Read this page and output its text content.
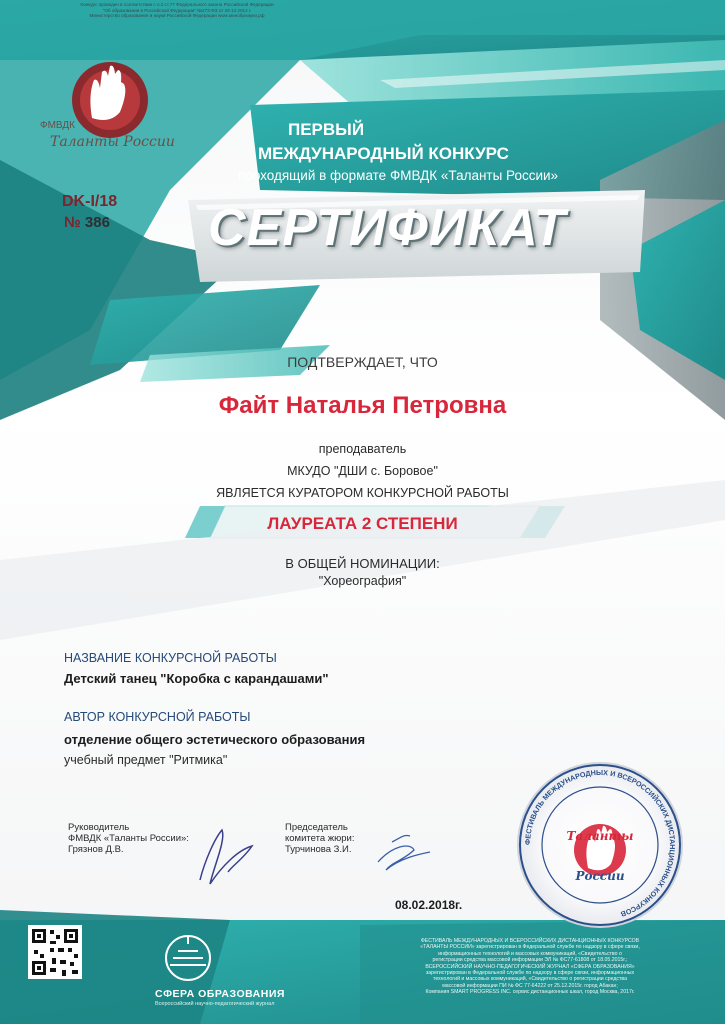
ФЕСТИВАЛЬ МЕЖДУНАРОДНЫХ И ВСЕРОССИЙСКИХ ДИСТАНЦИОННЫХ КОНКУРСОВ
Таланты
России
Конкурс проведен в соответствии с п.2 ст.77 Федерального закона Российской Федерации
"Об образовании в Российской Федерации" №273-ФЗ от 29.12.2012 г.
Министерство образования и науки Российской Федерации www.минобрнауки.рф
ФМВДК
Таланты России
ПЕРВЫЙ
МЕЖДУНАРОДНЫЙ КОНКУРС
проходящий в формате ФМВДК «Таланты России»
DK-I/18
№ 386 СЕРТИФИКАТ
ПОДТВЕРЖДАЕТ, ЧТО
Файт Наталья Петровна
преподаватель
МКУДО "ДШИ с. Боровое"
ЯВЛЯЕТСЯ КУРАТОРОМ КОНКУРСНОЙ РАБОТЫ
ЛАУРЕАТА 2 СТЕПЕНИ
В ОБЩЕЙ НОМИНАЦИИ:
"Хореография"
НАЗВАНИЕ КОНКУРСНОЙ РАБОТЫ
Детский танец "Коробка с карандашами"
АВТОР КОНКУРСНОЙ РАБОТЫ
отделение общего эстетического образования
учебный предмет "Ритмика"
Руководитель
ФМВДК «Таланты России»:
Грязнов Д.В.
Председатель
комитета жюри:
Турчинова З.И.
08.02.2018г.
СФЕРА ОБРАЗОВАНИЯ
Всероссийский научно-педагогический журнал
ФЕСТИВАЛЬ МЕЖДУНАРОДНЫХ И ВСЕРОССИЙСКИХ ДИСТАНЦИОННЫХ КОНКУРСОВ
«ТАЛАНТЫ РОССИИ» зарегистрирован в Федеральной службе по надзору в сфере связи,
информационных технологий и массовых коммуникаций, «Свидетельство о
регистрации средства массовой информации ЭЛ № ФС77-61808 от 18.05.2015г.;
ВСЕРОССИЙСКИЙ НАУЧНО-ПЕДАГОГИЧЕСКИЙ ЖУРНАЛ «СФЕРА ОБРАЗОВАНИЯ»
зарегистрирован в Федеральной службе по надзору в сфере связи, информационных
технологий и массовых коммуникаций, «Свидетельство о регистрации средства
массовой информации ПИ № ФС 77-64222 от 25.12.2015г. город Абакан;
Компания SMART PROGRESS INC. сервис дистанционных шкал, город Москва, 2017г.
